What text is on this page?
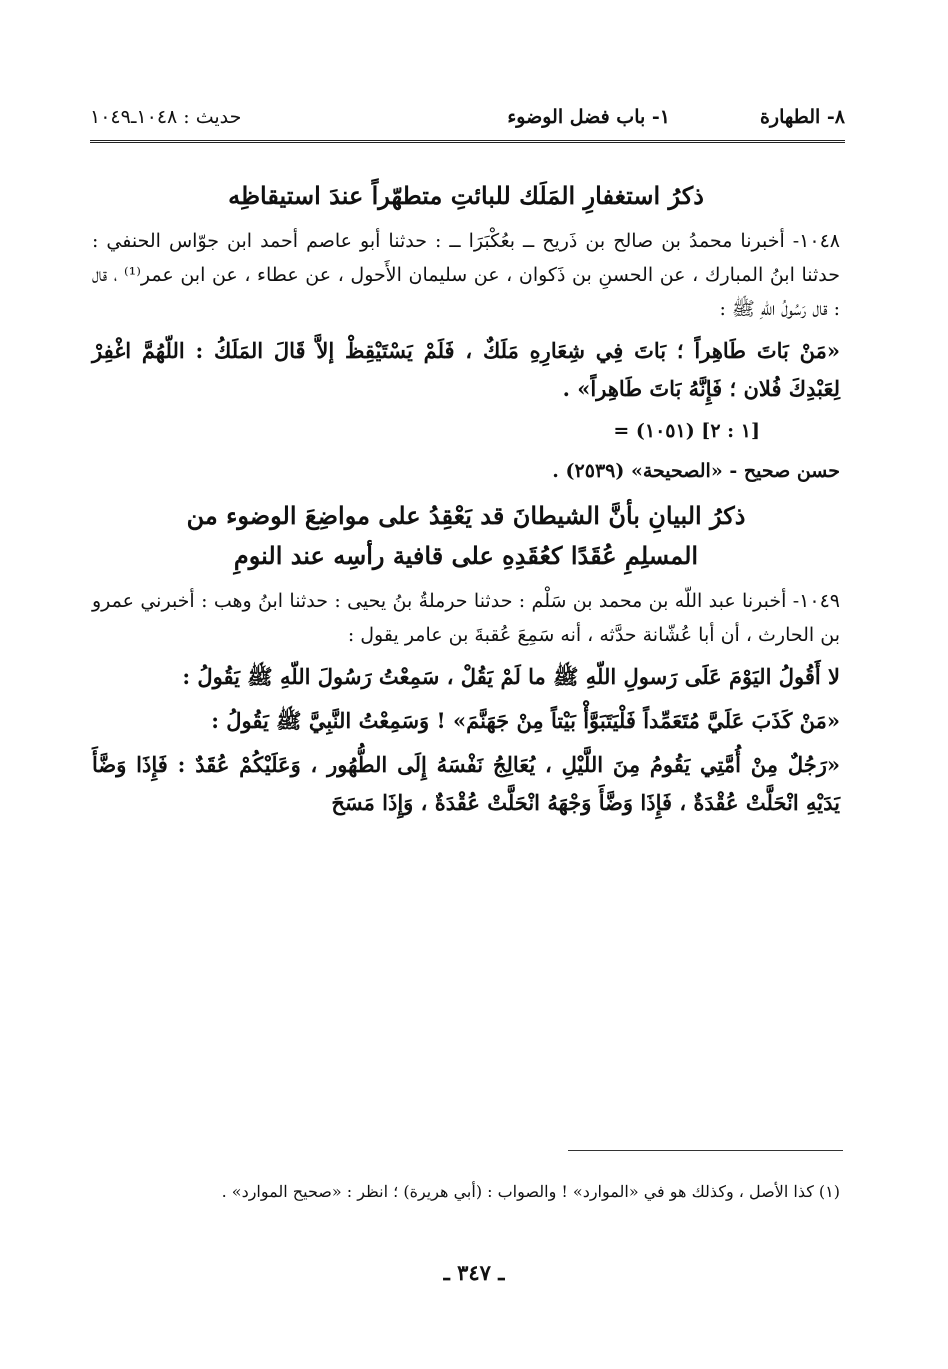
٨- الطهارة
١- باب فضل الوضوء
حديث : ١٠٤٨ـ١٠٤٩
ذكرُ استغفارِ المَلَك للبائتِ متطهّراً عندَ استيقاظِه

١٠٤٨- أخبرنا محمدُ بن صالح بن ذَريح ــ بعُكْبَرَا ــ : حدثنا أبو عاصم أحمد ابن جوّاس الحنفي : حدثنا ابنُ المبارك ، عن الحسنِ بن ذَكوان ، عن سليمان الأَحول ، عن عطاء ، عن ابن عمر⁽¹⁾ ، قال : قال رَسُولُ اللّهِ ﷺ :

«مَنْ بَاتَ طَاهِراً ؛ بَاتَ فِي شِعَارِهِ مَلَكٌ ، فَلَمْ يَسْتَيْقِظْ إلاَّ قَالَ المَلَكُ : اللّهُمَّ اغْفِرْ لِعَبْدِكَ فُلان ؛ فَإِنَّهُ بَاتَ طَاهِراً» .

= (١٠٥١) [١ : ٢]
حسن صحيح - «الصحيحة» (٢٥٣٩) .
ذكرُ البيانِ بأنَّ الشيطانَ قد يَعْقِدُ على مواضِعَ الوضوء من
المسلِمِ عُقَدًا كعُقَدِهِ على قافية رأسِه عند النومِ

١٠٤٩- أخبرنا عبد اللّه بن محمد بن سَلْم : حدثنا حرملةُ بنُ يحيى : حدثنا ابنُ وهب : أخبرني عمرو بن الحارث ، أن أبا عُشّانة حدَّثه ، أنه سَمِعَ عُقبةَ بن عامر يقول :

لا أَقُولُ اليَوْمَ عَلَى رَسولِ اللّهِ ﷺ ما لَمْ يَقُلْ ، سَمِعْتُ رَسُولَ اللّهِ ﷺ يَقُولُ :

«مَنْ كَذَبَ عَلَيَّ مُتَعَمِّداً فَلْيَتَبَوَّأْ بَيْتاً مِنْ جَهَنَّمَ» ! وَسَمِعْتُ النَّبِيَّ ﷺ يَقُولُ :

«رَجُلٌ مِنْ أُمَّتِي يَقُومُ مِنَ اللَّيْلِ ، يُعَالِجُ نَفْسَهُ إِلَى الطُّهُور ، وَعَلَيْكُمْ عُقَدٌ : فَإِذَا وَضَّأَ يَدَيْهِ انْحَلَّتْ عُقْدَةٌ ، فَإِذَا وَضَّأَ وَجْهَهُ انْحَلَّتْ عُقْدَةٌ ، وَإِذَا مَسَحَ

(١) كذا الأصل ، وكذلك هو في «الموارد» ! والصواب : (أبي هريرة) ؛ انظر : «صحيح الموارد» .
ـ ٣٤٧ ـ
